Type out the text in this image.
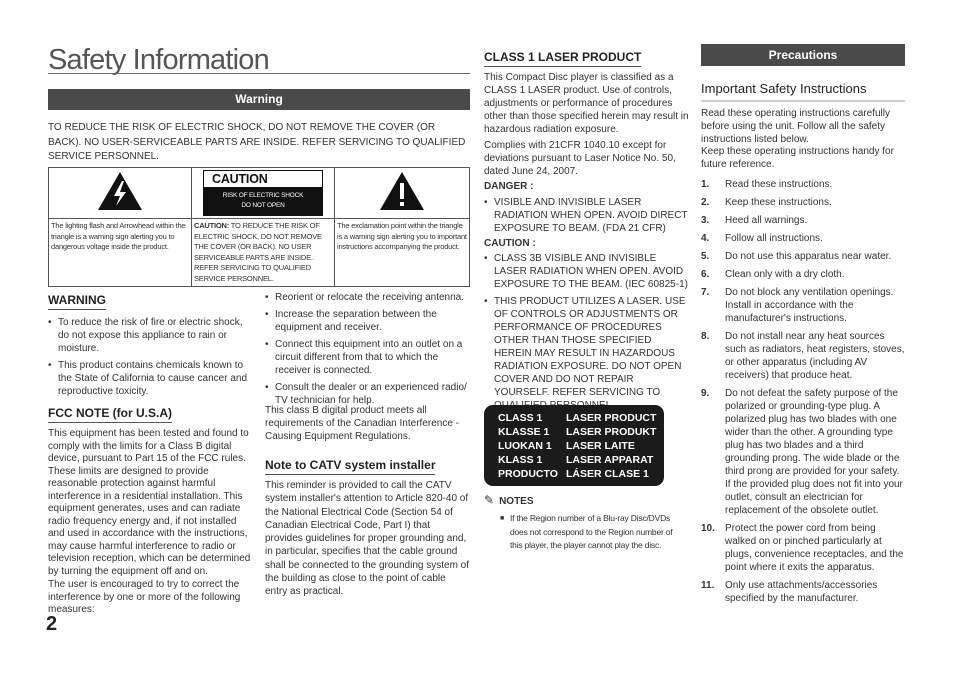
Safety Information
Warning
TO REDUCE THE RISK OF ELECTRIC SHOCK, DO NOT REMOVE THE COVER (OR BACK). NO USER-SERVICEABLE PARTS ARE INSIDE. REFER SERVICING TO QUALIFIED SERVICE PERSONNEL.

CAUTION
RISK OF ELECTRIC SHOCK DO NOT OPEN

The lighting flash and Arrowhead within the triangle is a warning sign alerting you to dangerous voltage inside the product.	CAUTION: TO REDUCE THE RISK OF ELECTRIC SHOCK, DO NOT REMOVE THE COVER (OR BACK). NO USER SERVICEABLE PARTS ARE INSIDE. REFER SERVICING TO QUALIFIED SERVICE PERSONNEL.	The exclamation point within the triangle is a warning sign alerting you to important instructions accompanying the product.
WARNING
• To reduce the risk of fire or electric shock, do not expose this appliance to rain or moisture.
• This product contains chemicals known to the State of California to cause cancer and reproductive toxicity.
FCC NOTE (for U.S.A)
This equipment has been tested and found to comply with the limits for a Class B digital device, pursuant to Part 15 of the FCC rules. These limits are designed to provide reasonable protection against harmful interference in a residential installation. This equipment generates, uses and can radiate radio frequency energy and, if not installed and used in accordance with the instructions, may cause harmful interference to radio or television reception, which can be determined by turning the equipment off and on.
The user is encouraged to try to correct the interference by one or more of the following measures:
• Reorient or relocate the receiving antenna.
• Increase the separation between the equipment and receiver.
• Connect this equipment into an outlet on a circuit different from that to which the receiver is connected.
• Consult the dealer or an experienced radio/ TV technician for help.
This class B digital product meets all requirements of the Canadian Interference - Causing Equipment Regulations.
Note to CATV system installer
This reminder is provided to call the CATV system installer's attention to Article 820-40 of the National Electrical Code (Section 54 of Canadian Electrical Code, Part I) that provides guidelines for proper grounding and, in particular, specifies that the cable ground shall be connected to the grounding system of the building as close to the point of cable entry as practical.
CLASS 1 LASER PRODUCT
This Compact Disc player is classified as a CLASS 1 LASER product. Use of controls, adjustments or performance of procedures other than those specified herein may result in hazardous radiation exposure.
Complies with 21CFR 1040.10 except for deviations pursuant to Laser Notice No. 50, dated June 24, 2007.
DANGER :
• VISIBLE AND INVISIBLE LASER RADIATION WHEN OPEN. AVOID DIRECT EXPOSURE TO BEAM. (FDA 21 CFR)
CAUTION :
• CLASS 3B VISIBLE AND INVISIBLE LASER RADIATION WHEN OPEN. AVOID EXPOSURE TO THE BEAM. (IEC 60825-1)
• THIS PRODUCT UTILIZES A LASER. USE OF CONTROLS OR ADJUSTMENTS OR PERFORMANCE OF PROCEDURES OTHER THAN THOSE SPECIFIED HEREIN MAY RESULT IN HAZARDOUS RADIATION EXPOSURE. DO NOT OPEN COVER AND DO NOT REPAIR YOURSELF. REFER SERVICING TO
CLASS 1 LASER PRODUCT
KLASSE 1 LASER PRODUKT
LUOKAN 1 LASER LAITE
KLASS 1 LASER APPARAT
PRODUCTO LÁSER CLASE 1
✎ NOTES
■ If the Region number of a Blu-ray Disc/DVDs does not correspond to the Region number of this player, the player cannot play the disc.
Precautions
Important Safety Instructions
Read these operating instructions carefully before using the unit. Follow all the safety instructions listed below.
Keep these operating instructions handy for future reference.
1. Read these instructions.
2. Keep these instructions.
3. Heed all warnings.
4. Follow all instructions.
5. Do not use this apparatus near water.
6. Clean only with a dry cloth.
7. Do not block any ventilation openings. Install in accordance with the manufacturer's instructions.
8. Do not install near any heat sources such as radiators, heat registers, stoves, or other apparatus (including AV receivers) that produce heat.
9. Do not defeat the safety purpose of the polarized or grounding-type plug. A polarized plug has two blades with one wider than the other. A grounding type plug has two blades and a third grounding prong. The wide blade or the third prong are provided for your safety. If the provided plug does not fit into your outlet, consult an electrician for replacement of the obsolete outlet.
10. Protect the power cord from being walked on or pinched particularly at plugs, convenience receptacles, and the point where it exits the apparatus.
11. Only use attachments/accessories specified by the manufacturer.
2
